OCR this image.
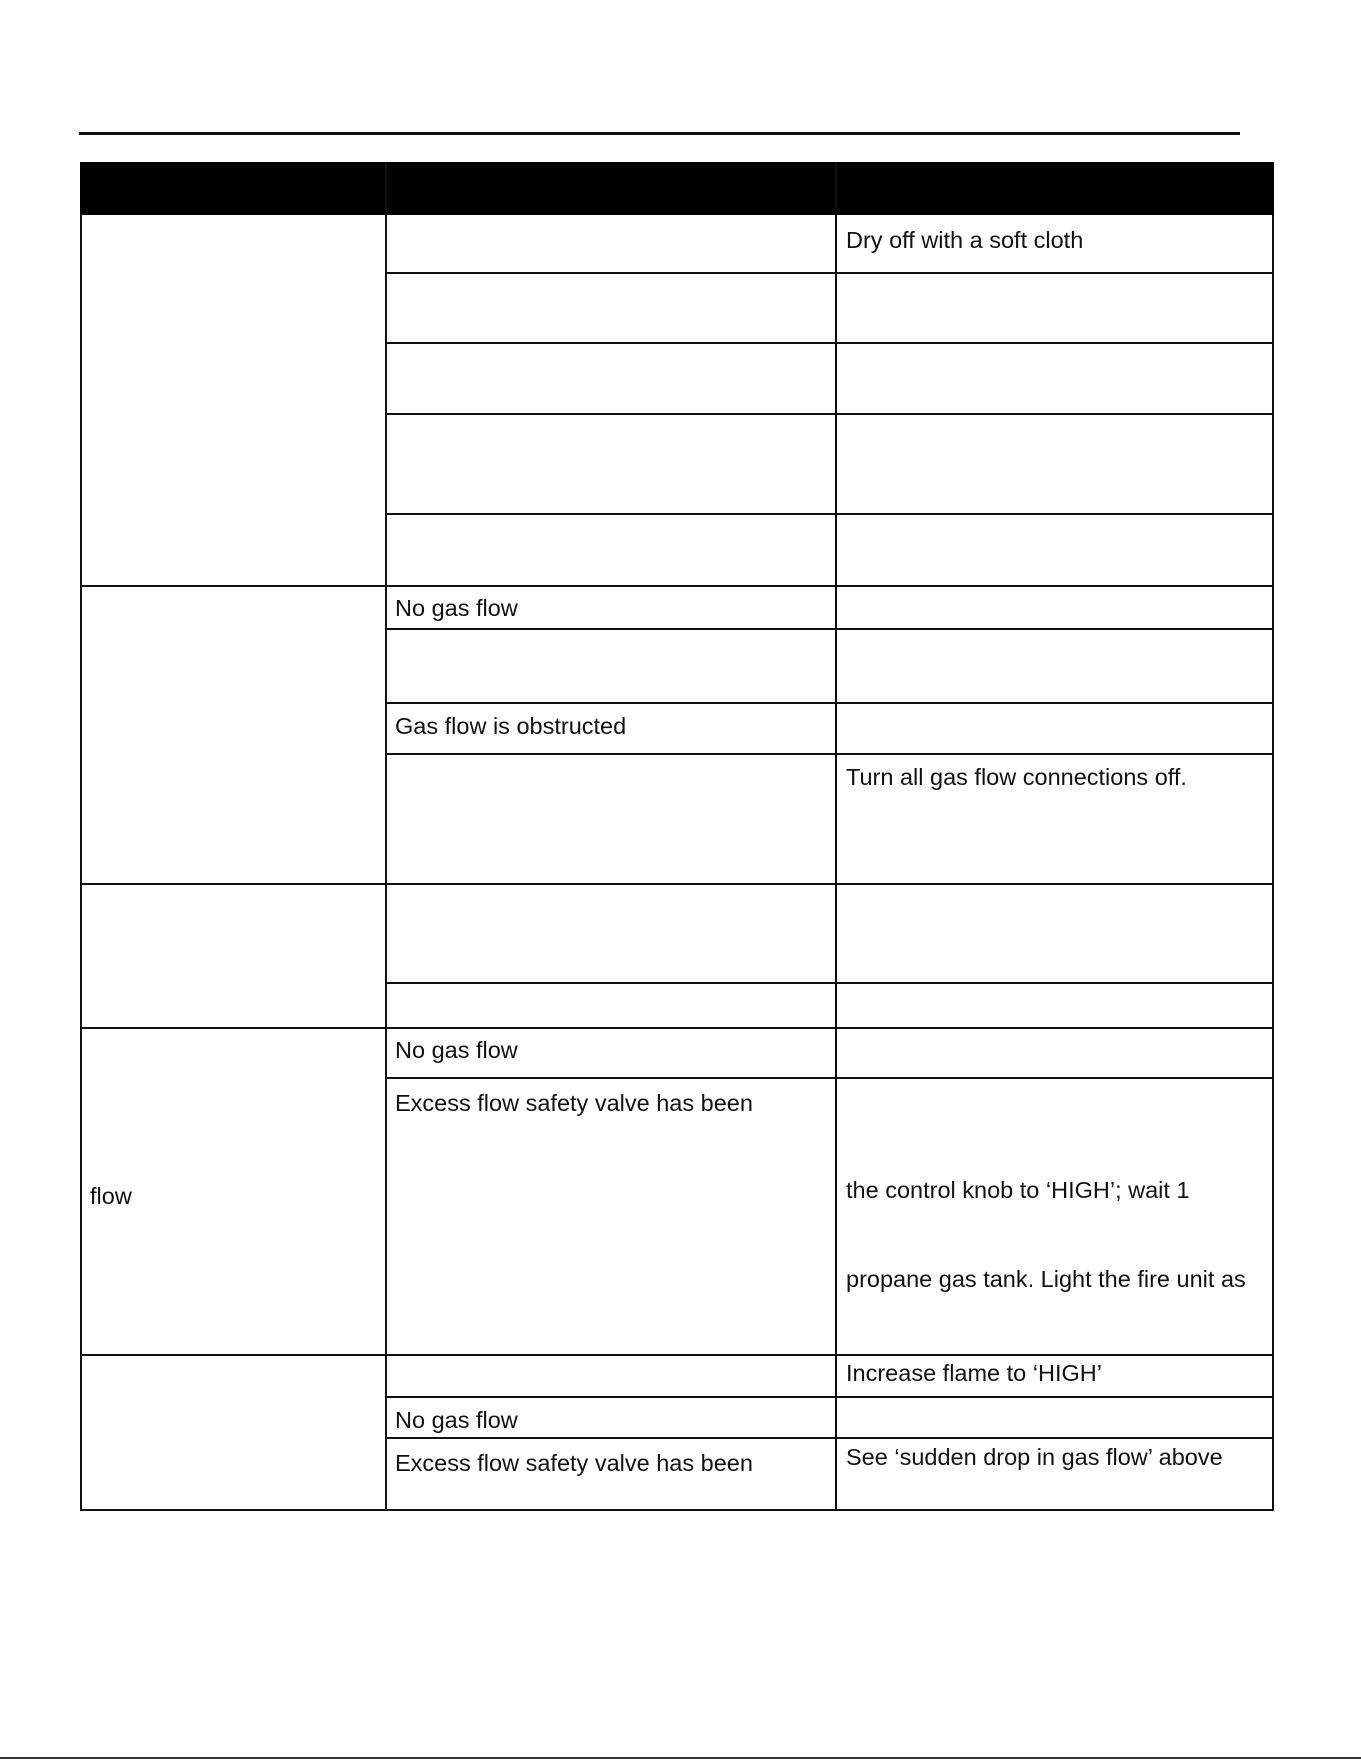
flow
No gas flow
Gas flow is obstructed
No gas flow
Excess flow safety valve has been
No gas flow
Excess flow safety valve has been
Dry off with a soft cloth
Turn all gas flow connections off.
the control knob to ‘HIGH’; wait 1
propane gas tank. Light the fire unit as
Increase flame to ‘HIGH’
See ‘sudden drop in gas flow’ above
